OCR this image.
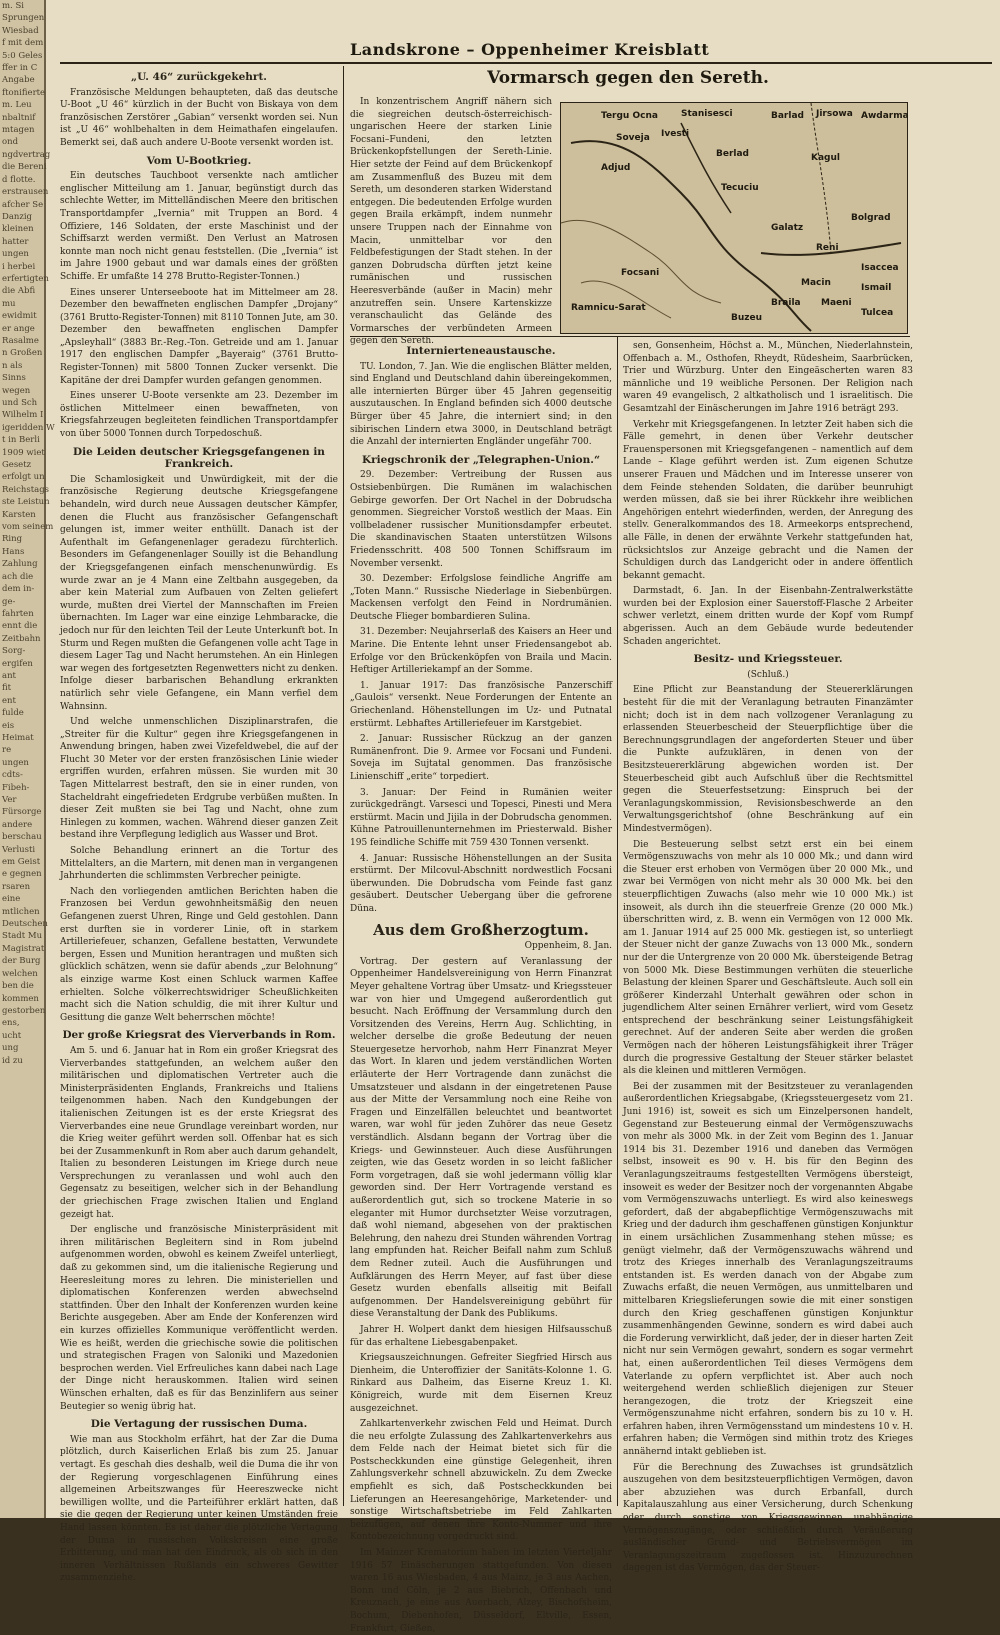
m. Si
Sprungen
Wiesbad
f mit dem
5:0 Geles
ffer in C
Angabe
ftonifierte
m. Leu
nbaltnif
mtagen
ond
ngdvertrag
die Bereni
d flotte.
erstrausen
afcher Se
Danzig
kleinen
hatter
ungen
i herbei
erfertigten
die Abfi
mu
ewidmit
er ange
Rasalme
n Großen
n als
Sinns
wegen
und Sch
Wilhelm I
igeridden W
t in Berli
1909 wiet
Gesetz
erfolgt un
Reichstags
ste Leistun
Karsten
vom seinem
Ring
Hans
Zahlung
ach die
dem in-
ge-
fahrten
ennt die
Zeitbahn
Sorg-
ergifen
ant
fit
ent
fulde
eis
Heimat
re
ungen
cdts-
Fibeh-
Ver
Fürsorge
andere
berschau
Verlusti
em Geist
e gegnen
rsaren
eine
mtlichen
Deutschen
Stadt Mu
Magistrat
der Burg
welchen
ben die
kommen
gestorben
ens,
ucht
ung
id zu
Landskrone – Oppenheimer Kreisblatt
„U. 46“ zurückgekehrt.

Französische Meldungen behaupteten, daß das deutsche U-Boot „U 46“ kürzlich in der Bucht von Biskaya von dem französischen Zerstörer „Gabian“ versenkt worden sei. Nun ist „U 46“ wohlbehalten in dem Heimathafen eingelaufen. Bemerkt sei, daß auch andere U-Boote versenkt worden ist.

Vom U-Bootkrieg.

Ein deutsches Tauchboot versenkte nach amtlicher englischer Mitteilung am 1. Januar, begünstigt durch das schlechte Wetter, im Mittelländischen Meere den britischen Transportdampfer „Ivernia“ mit Truppen an Bord. 4 Offiziere, 146 Soldaten, der erste Maschinist und der Schiffsarzt werden vermißt. Den Verlust an Matrosen konnte man noch nicht genau feststellen. (Die „Ivernia“ ist im Jahre 1900 gebaut und war damals eines der größten Schiffe. Er umfaßte 14 278 Brutto-Register-Tonnen.)

Eines unserer Unterseeboote hat im Mittelmeer am 28. Dezember den bewaffneten englischen Dampfer „Drojany“ (3761 Brutto-Register-Tonnen) mit 8110 Tonnen Jute, am 30. Dezember den bewaffneten englischen Dampfer „Apsleyhall“ (3883 Br.-Reg.-Ton. Getreide und am 1. Januar 1917 den englischen Dampfer „Bayeraig“ (3761 Brutto-Register-Tonnen) mit 5800 Tonnen Zucker versenkt. Die Kapitäne der drei Dampfer wurden gefangen genommen.

Eines unserer U-Boote versenkte am 23. Dezember im östlichen Mittelmeer einen bewaffneten, von Kriegsfahrzeugen begleiteten feindlichen Transportdampfer von über 5000 Tonnen durch Torpedoschuß.

Die Leiden deutscher Kriegsgefangenen in Frankreich.

Die Schamlosigkeit und Unwürdigkeit, mit der die französische Regierung deutsche Kriegsgefangene behandeln, wird durch neue Aussagen deutscher Kämpfer, denen die Flucht aus französischer Gefangenschaft gelungen ist, immer weiter enthüllt. Danach ist der Aufenthalt im Gefangenenlager geradezu fürchterlich. Besonders im Gefangenenlager Souilly ist die Behandlung der Kriegsgefangenen einfach menschenunwürdig. Es wurde zwar an je 4 Mann eine Zeltbahn ausgegeben, da aber kein Material zum Aufbauen von Zelten geliefert wurde, mußten drei Viertel der Mannschaften im Freien übernachten. Im Lager war eine einzige Lehmbaracke, die jedoch nur für den leichten Teil der Leute Unterkunft bot. In Sturm und Regen mußten die Gefangenen volle acht Tage in diesem Lager Tag und Nacht herumstehen. An ein Hinlegen war wegen des fortgesetzten Regenwetters nicht zu denken. Infolge dieser barbarischen Behandlung erkrankten natürlich sehr viele Gefangene, ein Mann verfiel dem Wahnsinn.

Und welche unmenschlichen Disziplinarstrafen, die „Streiter für die Kultur“ gegen ihre Kriegsgefangenen in Anwendung bringen, haben zwei Vizefeldwebel, die auf der Flucht 30 Meter vor der ersten französischen Linie wieder ergriffen wurden, erfahren müssen. Sie wurden mit 30 Tagen Mittelarrest bestraft, den sie in einer runden, von Stacheldraht eingefriedeten Erdgrube verbüßen mußten. In dieser Zeit mußten sie bei Tag und Nacht, ohne zum Hinlegen zu kommen, wachen. Während dieser ganzen Zeit bestand ihre Verpflegung lediglich aus Wasser und Brot.

Solche Behandlung erinnert an die Tortur des Mittelalters, an die Martern, mit denen man in vergangenen Jahrhunderten die schlimmsten Verbrecher peinigte.

Nach den vorliegenden amtlichen Berichten haben die Franzosen bei Verdun gewohnheitsmäßig den neuen Gefangenen zuerst Uhren, Ringe und Geld gestohlen. Dann erst durften sie in vorderer Linie, oft in starkem Artilleriefeuer, schanzen, Gefallene bestatten, Verwundete bergen, Essen und Munition herantragen und mußten sich glücklich schätzen, wenn sie dafür abends „zur Belohnung“ als einzige warme Kost einen Schluck warmen Kaffee erhielten. Solche völkerrechtswidriger Scheußlichkeiten macht sich die Nation schuldig, die mit ihrer Kultur und Gesittung die ganze Welt beherrschen möchte!

Der große Kriegsrat des Vierverbands in Rom.

Am 5. und 6. Januar hat in Rom ein großer Kriegsrat des Vierverbandes stattgefunden, an welchem außer den militärischen und diplomatischen Vertreter auch die Ministerpräsidenten Englands, Frankreichs und Italiens teilgenommen haben. Nach den Kundgebungen der italienischen Zeitungen ist es der erste Kriegsrat des Vierverbandes eine neue Grundlage vereinbart worden, nur die Krieg weiter geführt werden soll. Offenbar hat es sich bei der Zusammenkunft in Rom aber auch darum gehandelt, Italien zu besonderen Leistungen im Kriege durch neue Versprechungen zu veranlassen und wohl auch den Gegensatz zu beseitigen, welcher sich in der Behandlung der griechischen Frage zwischen Italien und England gezeigt hat.

Der englische und französische Ministerpräsident mit ihren militärischen Begleitern sind in Rom jubelnd aufgenommen worden, obwohl es keinem Zweifel unterliegt, daß zu gekommen sind, um die italienische Regierung und Heeresleitung mores zu lehren. Die ministeriellen und diplomatischen Konferenzen werden abwechselnd stattfinden. Über den Inhalt der Konferenzen wurden keine Berichte ausgegeben. Aber am Ende der Konferenzen wird ein kurzes offizielles Kommunique veröffentlicht werden. Wie es heißt, werden die griechische sowie die politischen und strategischen Fragen von Saloniki und Mazedonien besprochen werden. Viel Erfreuliches kann dabei nach Lage der Dinge nicht herauskommen. Italien wird seinen Wünschen erhalten, daß es für das Benzinlifern aus seiner Beutegier so wenig übrig hat.

Die Vertagung der russischen Duma.

Wie man aus Stockholm erfährt, hat der Zar die Duma plötzlich, durch Kaiserlichen Erlaß bis zum 25. Januar vertagt. Es geschah dies deshalb, weil die Duma die ihr von der Regierung vorgeschlagenen Einführung eines allgemeinen Arbeitszwanges für Heereszwecke nicht bewilligen wollte, und die Parteiführer erklärt hatten, daß sie die gegen der Regierung unter keinen Umständen freie Hand lassen könnten. Es ist daher die plötzliche Vertagung der Duma in russischen Volkskreisen eine große Erbitterung, und man hat den Eindruck, als ob sich in den inneren Verhältnissen Rußlands ein schweres Gewitter zusammenziehe.

Vormarsch gegen den Sereth.

In konzentrischem Angriff nähern sich die siegreichen deutsch-österreichisch-ungarischen Heere der starken Linie Focsani–Fundeni, den letzten Brückenkopfstellungen der Sereth-Linie. Hier setzte der Feind auf dem Brückenkopf am Zusammenfluß des Buzeu mit dem Sereth, um desonderen starken Widerstand entgegen. Die bedeutenden Erfolge wurden gegen Braila erkämpft, indem nunmehr unsere Truppen nach der Einnahme von Macin, unmittelbar vor den Feldbefestigungen der Stadt stehen. In der ganzen Dobrudscha dürften jetzt keine rumänischen und russischen Heeresverbände (außer in Macin) mehr anzutreffen sein. Unsere Kartenskizze veranschaulicht das Gelände des Vormarsches der verbündeten Armeen gegen den Sereth.

Tergu Ocna	Stanisesci	Barlad
Ivesti
Adjud
Berlad
Jirsowa Awdarma
Soveja
Tecuciu
Kagul
Focsani
Galatz
Reni
Bolgrad
Ramnicu-Sarat	Braila
Ismail
Tulcea
Buzeu
Maeni
Macin
Isaccea
Internierteneaustausche.

TU. London, 7. Jan. Wie die englischen Blätter melden, sind England und Deutschland dahin übereingekommen, alle internierten Bürger über 45 Jahren gegenseitig auszutauschen. In England befinden sich 4000 deutsche Bürger über 45 Jahre, die interniert sind; in den sibirischen Lindern etwa 3000, in Deutschland beträgt die Anzahl der internierten Engländer ungefähr 700.

Kriegschronik der „Telegraphen-Union.“

29. Dezember: Vertreibung der Russen aus Ostsiebenbürgen. Die Rumänen im walachischen Gebirge geworfen. Der Ort Nachel in der Dobrudscha genommen. Siegreicher Vorstoß westlich der Maas. Ein vollbeladener russischer Munitionsdampfer erbeutet. Die skandinavischen Staaten unterstützen Wilsons Friedensschritt. 408 500 Tonnen Schiffsraum im November versenkt.

30. Dezember: Erfolgslose feindliche Angriffe am „Toten Mann.“ Russische Niederlage in Siebenbürgen. Mackensen verfolgt den Feind in Nordrumänien. Deutsche Flieger bombardieren Sulina.

31. Dezember: Neujahrserlaß des Kaisers an Heer und Marine. Die Entente lehnt unser Friedensangebot ab. Erfolge vor den Brückenköpfen von Braila und Macin. Heftiger Artilleriekampf an der Somme.

1. Januar 1917: Das französische Panzerschiff „Gaulois“ versenkt. Neue Forderungen der Entente an Griechenland. Höhenstellungen im Uz- und Putnatal erstürmt. Lebhaftes Artilleriefeuer im Karstgebiet.

2. Januar: Russischer Rückzug an der ganzen Rumänenfront. Die 9. Armee vor Focsani und Fundeni. Soveja im Sujtatal genommen. Das französische Linienschiff „erite“ torpediert.

3. Januar: Der Feind in Rumänien weiter zurückgedrängt. Varsesci und Topesci, Pinesti und Mera erstürmt. Macin und Jijila in der Dobrudscha genommen. Kühne Patrouillenunternehmen im Priesterwald. Bisher 195 feindliche Schiffe mit 759 430 Tonnen versenkt.

4. Januar: Russische Höhenstellungen an der Susita erstürmt. Der Milcovul-Abschnitt nordwestlich Focsani überwunden. Die Dobrudscha vom Feinde fast ganz gesäubert. Deutscher Uebergang über die gefrorene Düna.

Aus dem Großherzogtum.

Oppenheim, 8. Jan.

Vortrag. Der gestern auf Veranlassung der Oppenheimer Handelsvereinigung von Herrn Finanzrat Meyer gehaltene Vortrag über Umsatz- und Kriegssteuer war von hier und Umgegend außerordentlich gut besucht. Nach Eröffnung der Versammlung durch den Vorsitzenden des Vereins, Herrn Aug. Schlichting, in welcher derselbe die große Bedeutung der neuen Steuergesetze hervorhob, nahm Herr Finanzrat Meyer das Wort. In klaren und jedem verständlichen Worten erläuterte der Herr Vortragende dann zunächst die Umsatzsteuer und alsdann in der eingetretenen Pause aus der Mitte der Versammlung noch eine Reihe von Fragen und Einzelfällen beleuchtet und beantwortet waren, war wohl für jeden Zuhörer das neue Gesetz verständlich. Alsdann begann der Vortrag über die Kriegs- und Gewinnsteuer. Auch diese Ausführungen zeigten, wie das Gesetz worden in so leicht faßlicher Form vorgetragen, daß sie wohl jedermann völlig klar geworden sind. Der Herr Vortragende verstand es außerordentlich gut, sich so trockene Materie in so eleganter mit Humor durchsetzter Weise vorzutragen, daß wohl niemand, abgesehen von der praktischen Belehrung, den nahezu drei Stunden währenden Vortrag lang empfunden hat. Reicher Beifall nahm zum Schluß dem Redner zuteil. Auch die Ausführungen und Aufklärungen des Herrn Meyer, auf fast über diese Gesetz wurden ebenfalls allseitig mit Beifall aufgenommen. Der Handelsvereinigung gebührt für diese Veranstaltung der Dank des Publikums.

Jahrer H. Wolpert dankt dem hiesigen Hilfsausschuß für das erhaltene Liebesgabenpaket.

Kriegsauszeichnungen. Gefreiter Siegfried Hirsch aus Dienheim, die Unteroffizier der Sanitäts-Kolonne 1. G. Rinkard aus Dalheim, das Eiserne Kreuz 1. Kl. Königreich, wurde mit dem Eisernen Kreuz ausgezeichnet.

Zahlkartenverkehr zwischen Feld und Heimat. Durch die neu erfolgte Zulassung des Zahlkartenverkehrs aus dem Felde nach der Heimat bietet sich für die Postscheckkunden eine günstige Gelegenheit, ihren Zahlungsverkehr schnell abzuwickeln. Zu dem Zwecke empfiehlt es sich, daß Postscheckkunden bei Lieferungen an Heeresangehörige, Marketender- und sonstige Wirtschaftsbetriebe im Feld Zahlkarten beizufügen, auf denen ihre Konto-Nummer und ihre Kontobezeichnung vorgedruckt sind.

Im Mainzer Krematorium haben im letzten Vierteljahr 1916 57 Einäscherungen stattgefunden. Von diesen waren 16 aus Wiesbaden, 4 aus Mainz, je 3 aus Aachen, Bonn und Cöln, je 2 aus Biebrich, Offenbach und Kreuznach, je eine aus Auerbach, Alzey, Bischofsheim, Bochum, Diebenhofen, Düsseldorf, Eltville, Essen, Frankfurt, Gießen,

sen, Gonsenheim, Höchst a. M., München, Niederlahnstein, Offenbach a. M., Osthofen, Rheydt, Rüdesheim, Saarbrücken, Trier und Würzburg. Unter den Eingeäscherten waren 83 männliche und 19 weibliche Personen. Der Religion nach waren 49 evangelisch, 2 altkatholisch und 1 israelitisch. Die Gesamtzahl der Einäscherungen im Jahre 1916 beträgt 293.

Verkehr mit Kriegsgefangenen. In letzter Zeit haben sich die Fälle gemehrt, in denen über Verkehr deutscher Frauenspersonen mit Kriegsgefangenen – namentlich auf dem Lande – Klage geführt werden ist. Zum eigenen Schutze unserer Frauen und Mädchen und im Interesse unserer von dem Feinde stehenden Soldaten, die darüber beunruhigt werden müssen, daß sie bei ihrer Rückkehr ihre weiblichen Angehörigen entehrt wiederfinden, werden, der Anregung des stellv. Generalkommandos des 18. Armeekorps entsprechend, alle Fälle, in denen der erwähnte Verkehr stattgefunden hat, rücksichtslos zur Anzeige gebracht und die Namen der Schuldigen durch das Landgericht oder in andere öffentlich bekannt gemacht.

Darmstadt, 6. Jan. In der Eisenbahn-Zentralwerkstätte wurden bei der Explosion einer Sauerstoff-Flasche 2 Arbeiter schwer verletzt, einem dritten wurde der Kopf vom Rumpf abgerissen. Auch an dem Gebäude wurde bedeutender Schaden angerichtet.

Besitz- und Kriegssteuer.

(Schluß.)

Eine Pflicht zur Beanstandung der Steuererklärungen besteht für die mit der Veranlagung betrauten Finanzämter nicht; doch ist in dem nach vollzogener Veranlagung zu erlassenden Steuerbescheid der Steuerpflichtige über die Berechnungsgrundlagen der angeforderten Steuer und über die Punkte aufzuklären, in denen von der Besitzsteuererklärung abgewichen worden ist. Der Steuerbescheid gibt auch Aufschluß über die Rechtsmittel gegen die Steuerfestsetzung: Einspruch bei der Veranlagungskommission, Revisionsbeschwerde an den Verwaltungsgerichtshof (ohne Beschränkung auf ein Mindestvermögen).

Die Besteuerung selbst setzt erst ein bei einem Vermögenszuwachs von mehr als 10 000 Mk.; und dann wird die Steuer erst erhoben von Vermögen über 20 000 Mk., und zwar bei Vermögen von nicht mehr als 30 000 Mk. bei den steuerpflichtigen Zuwachs (also mehr wie 10 000 Mk.) ist insoweit, als durch ihn die steuerfreie Grenze (20 000 Mk.) überschritten wird, z. B. wenn ein Vermögen von 12 000 Mk. am 1. Januar 1914 auf 25 000 Mk. gestiegen ist, so unterliegt der Steuer nicht der ganze Zuwachs von 13 000 Mk., sondern nur der die Untergrenze von 20 000 Mk. übersteigende Betrag von 5000 Mk. Diese Bestimmungen verhüten die steuerliche Belastung der kleinen Sparer und Geschäftsleute. Auch soll ein größerer Kinderzahl Unterhalt gewähren oder schon in jugendlichem Alter seinen Ernährer verliert, wird vom Gesetz entsprechend der beschränkung seiner Leistungsfähigkeit gerechnet. Auf der anderen Seite aber werden die großen Vermögen nach der höheren Leistungsfähigkeit ihrer Träger durch die progressive Gestaltung der Steuer stärker belastet als die kleinen und mittleren Vermögen.

Bei der zusammen mit der Besitzsteuer zu veranlagenden außerordentlichen Kriegsabgabe, (Kriegssteuergesetz vom 21. Juni 1916) ist, soweit es sich um Einzelpersonen handelt, Gegenstand zur Besteuerung einmal der Vermögenszuwachs von mehr als 3000 Mk. in der Zeit vom Beginn des 1. Januar 1914 bis 31. Dezember 1916 und daneben das Vermögen selbst, insoweit es 90 v. H. bis für den Beginn des Veranlagungszeitraums festgestellten Vermögens übersteigt, insoweit es weder der Besitzer noch der vorgenannten Abgabe vom Vermögenszuwachs unterliegt. Es wird also keineswegs gefordert, daß der abgabepflichtige Vermögenszuwachs mit Krieg und der dadurch ihm geschaffenen günstigen Konjunktur in einem ursächlichen Zusammenhang stehen müsse; es genügt vielmehr, daß der Vermögenszuwachs während und trotz des Krieges innerhalb des Veranlagungszeitraums entstanden ist. Es werden danach von der Abgabe zum Zuwachs erfaßt, die neuen Vermögen, aus unmittelbaren und mittelbaren Kriegslieferungen sowie die mit einer sonstigen durch den Krieg geschaffenen günstigen Konjunktur zusammenhängenden Gewinne, sondern es wird dabei auch die Forderung verwirklicht, daß jeder, der in dieser harten Zeit nicht nur sein Vermögen gewahrt, sondern es sogar vermehrt hat, einen außerordentlichen Teil dieses Vermögens dem Vaterlande zu opfern verpflichtet ist. Aber auch noch weitergehend werden schließlich diejenigen zur Steuer herangezogen, die trotz der Kriegszeit eine Vermögenszunahme nicht erfahren, sondern bis zu 10 v. H. erfahren haben, ihren Vermögensstand um mindestens 10 v. H. erfahren haben; die Vermögen sind mithin trotz des Krieges annähernd intakt geblieben ist.

Für die Berechnung des Zuwachses ist grundsätzlich auszugehen von dem besitzsteuerpflichtigen Vermögen, davon aber abzuziehen was durch Erbanfall, durch Kapitalauszahlung aus einer Versicherung, durch Schenkung oder durch sonstige von Kriegsgewinnen unabhängige Vermögenszugänge, oder schließlich durch Veräußerung ausländischer Grund- und Betriebsvermögen im Veranlagungszeitraum zugeflossen ist. Hinzuzurechnen dagegen ist das Vermögen, das der Steuer-
